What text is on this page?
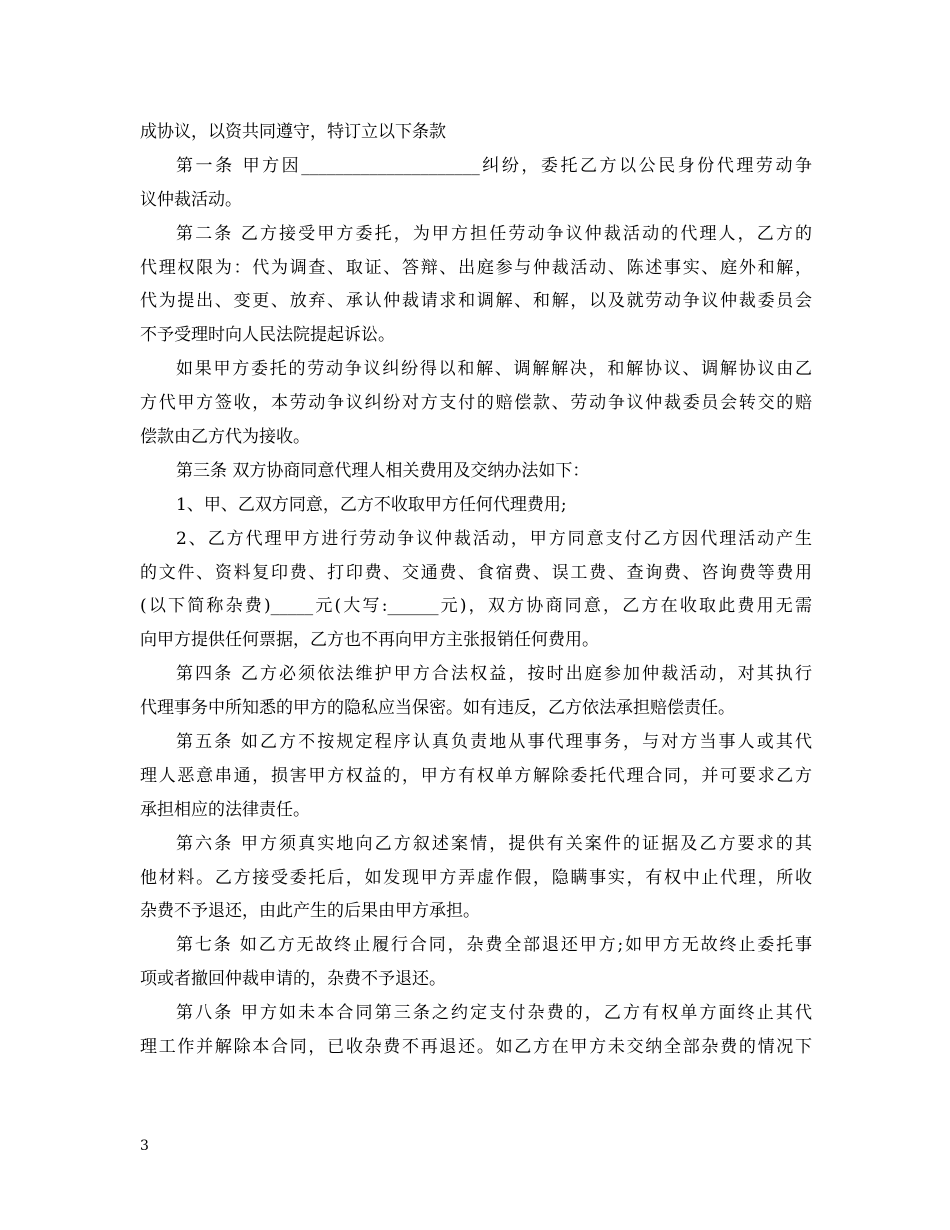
成协议，以资共同遵守，特订立以下条款
第一条 甲方因_____________________纠纷，委托乙方以公民身份代理劳动争
议仲裁活动。
第二条 乙方接受甲方委托，为甲方担任劳动争议仲裁活动的代理人，乙方的
代理权限为：代为调查、取证、答辩、出庭参与仲裁活动、陈述事实、庭外和解，
代为提出、变更、放弃、承认仲裁请求和调解、和解，以及就劳动争议仲裁委员会
不予受理时向人民法院提起诉讼。
如果甲方委托的劳动争议纠纷得以和解、调解解决，和解协议、调解协议由乙
方代甲方签收，本劳动争议纠纷对方支付的赔偿款、劳动争议仲裁委员会转交的赔
偿款由乙方代为接收。
第三条 双方协商同意代理人相关费用及交纳办法如下：
1、甲、乙双方同意，乙方不收取甲方任何代理费用;
2、乙方代理甲方进行劳动争议仲裁活动，甲方同意支付乙方因代理活动产生
的文件、资料复印费、打印费、交通费、食宿费、误工费、查询费、咨询费等费用
(以下简称杂费)_____元(大写:______元)，双方协商同意，乙方在收取此费用无需
向甲方提供任何票据，乙方也不再向甲方主张报销任何费用。
第四条 乙方必须依法维护甲方合法权益，按时出庭参加仲裁活动，对其执行
代理事务中所知悉的甲方的隐私应当保密。如有违反，乙方依法承担赔偿责任。
第五条 如乙方不按规定程序认真负责地从事代理事务，与对方当事人或其代
理人恶意串通，损害甲方权益的，甲方有权单方解除委托代理合同，并可要求乙方
承担相应的法律责任。
第六条 甲方须真实地向乙方叙述案情，提供有关案件的证据及乙方要求的其
他材料。乙方接受委托后，如发现甲方弄虚作假，隐瞒事实，有权中止代理，所收
杂费不予退还，由此产生的后果由甲方承担。
第七条 如乙方无故终止履行合同，杂费全部退还甲方;如甲方无故终止委托事
项或者撤回仲裁申请的，杂费不予退还。
第八条 甲方如未本合同第三条之约定支付杂费的，乙方有权单方面终止其代
理工作并解除本合同，已收杂费不再退还。如乙方在甲方未交纳全部杂费的情况下
3
